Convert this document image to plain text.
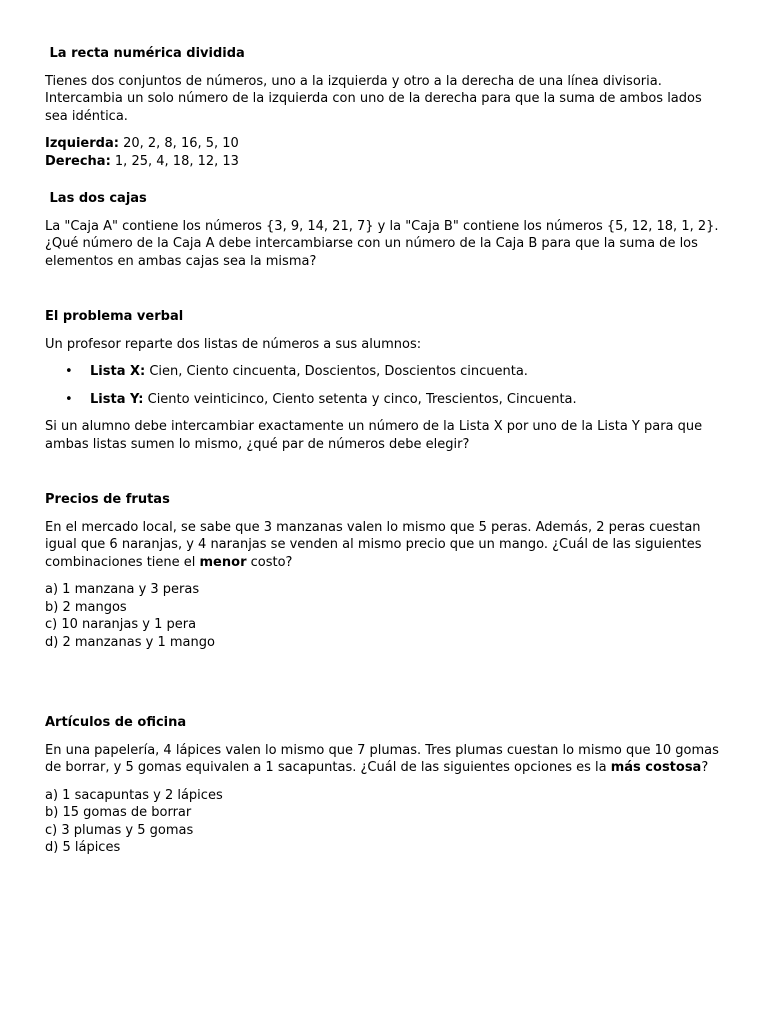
La recta numérica dividida

Tienes dos conjuntos de números, uno a la izquierda y otro a la derecha de una línea divisoria. Intercambia un solo número de la izquierda con uno de la derecha para que la suma de ambos lados sea idéntica.

Izquierda: 20, 2, 8, 16, 5, 10
Derecha: 1, 25, 4, 18, 12, 13

Las dos cajas

La "Caja A" contiene los números {3, 9, 14, 21, 7} y la "Caja B" contiene los números {5, 12, 18, 1, 2}. ¿Qué número de la Caja A debe intercambiarse con un número de la Caja B para que la suma de los elementos en ambas cajas sea la misma?

El problema verbal

Un profesor reparte dos listas de números a sus alumnos:

• Lista X: Cien, Ciento cincuenta, Doscientos, Doscientos cincuenta.
• Lista Y: Ciento veinticinco, Ciento setenta y cinco, Trescientos, Cincuenta.

Si un alumno debe intercambiar exactamente un número de la Lista X por uno de la Lista Y para que ambas listas sumen lo mismo, ¿qué par de números debe elegir?

Precios de frutas

En el mercado local, se sabe que 3 manzanas valen lo mismo que 5 peras. Además, 2 peras cuestan igual que 6 naranjas, y 4 naranjas se venden al mismo precio que un mango. ¿Cuál de las siguientes combinaciones tiene el menor costo?

a) 1 manzana y 3 peras
b) 2 mangos
c) 10 naranjas y 1 pera
d) 2 manzanas y 1 mango

Artículos de oficina

En una papelería, 4 lápices valen lo mismo que 7 plumas. Tres plumas cuestan lo mismo que 10 gomas de borrar, y 5 gomas equivalen a 1 sacapuntas. ¿Cuál de las siguientes opciones es la más costosa?

a) 1 sacapuntas y 2 lápices
b) 15 gomas de borrar
c) 3 plumas y 5 gomas
d) 5 lápices
